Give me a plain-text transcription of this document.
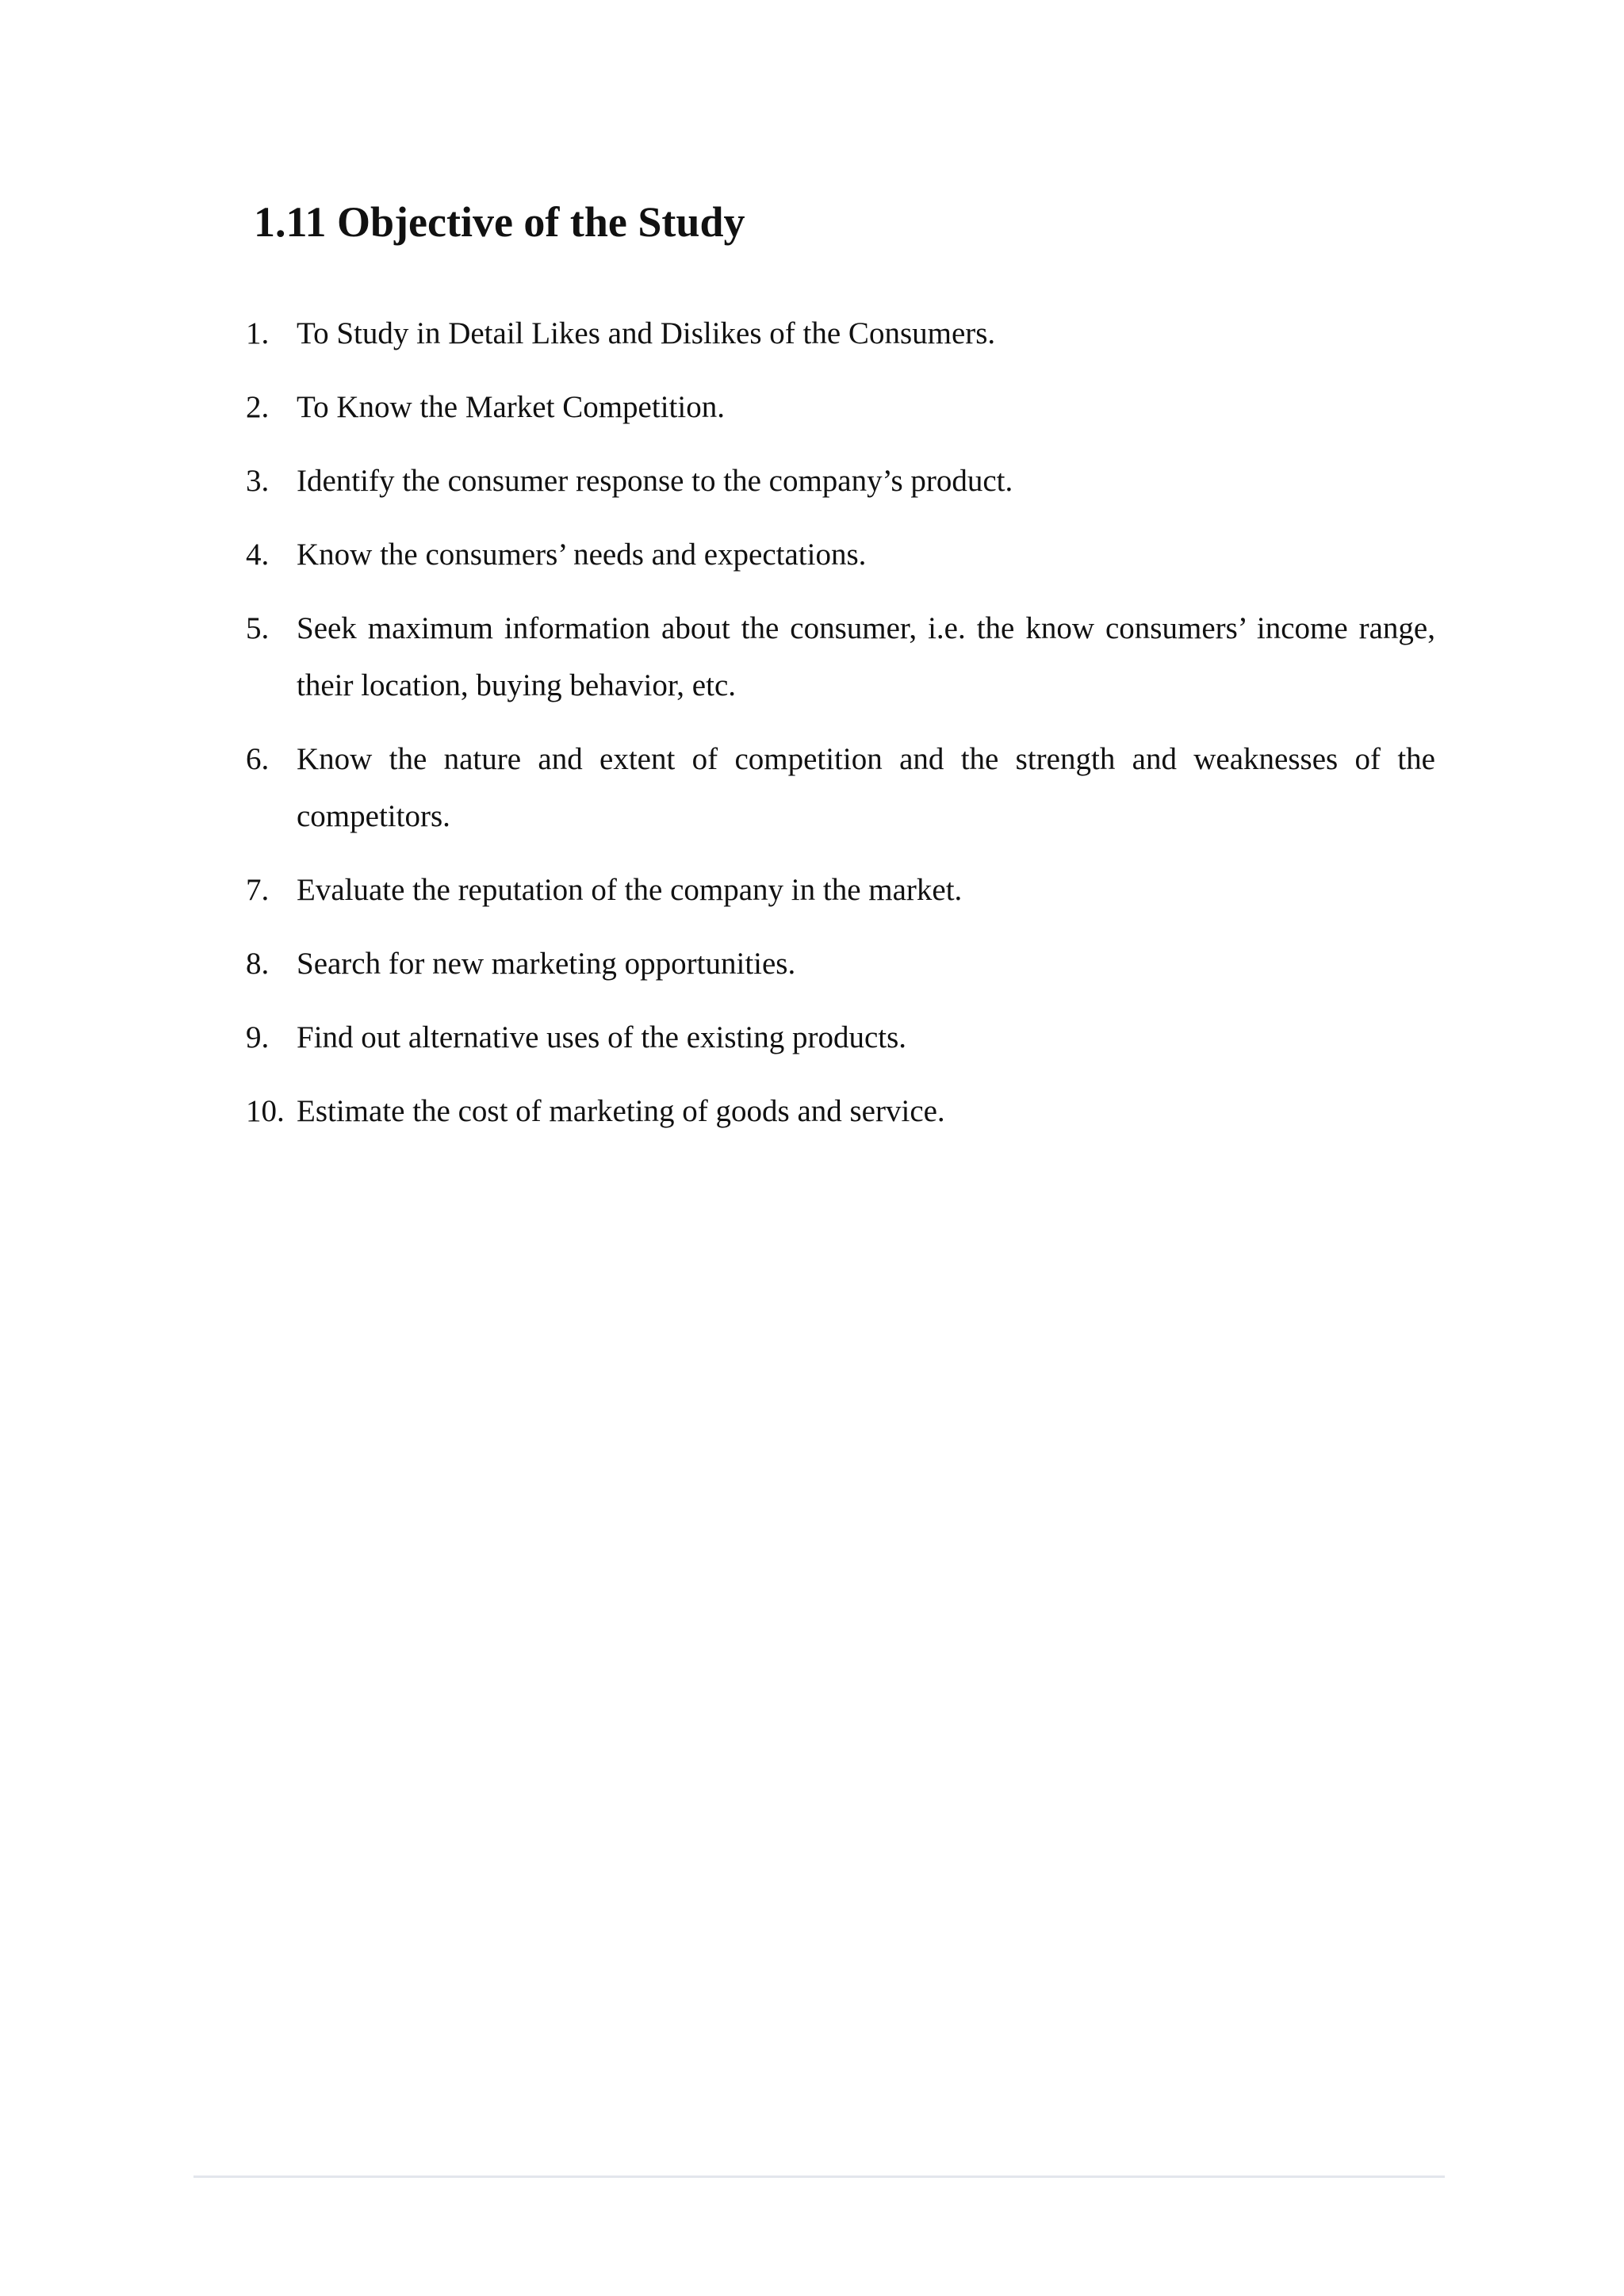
1.11 Objective of the Study
1. To Study in Detail Likes and Dislikes of the Consumers.
2. To Know the Market Competition.
3. Identify the consumer response to the company’s product.
4. Know the consumers’ needs and expectations.
5. Seek maximum information about the consumer, i.e. the know consumers’ income range, their location, buying behavior, etc.
6. Know the nature and extent of competition and the strength and weaknesses of the competitors.
7. Evaluate the reputation of the company in the market.
8. Search for new marketing opportunities.
9. Find out alternative uses of the existing products.
10. Estimate the cost of marketing of goods and service.
